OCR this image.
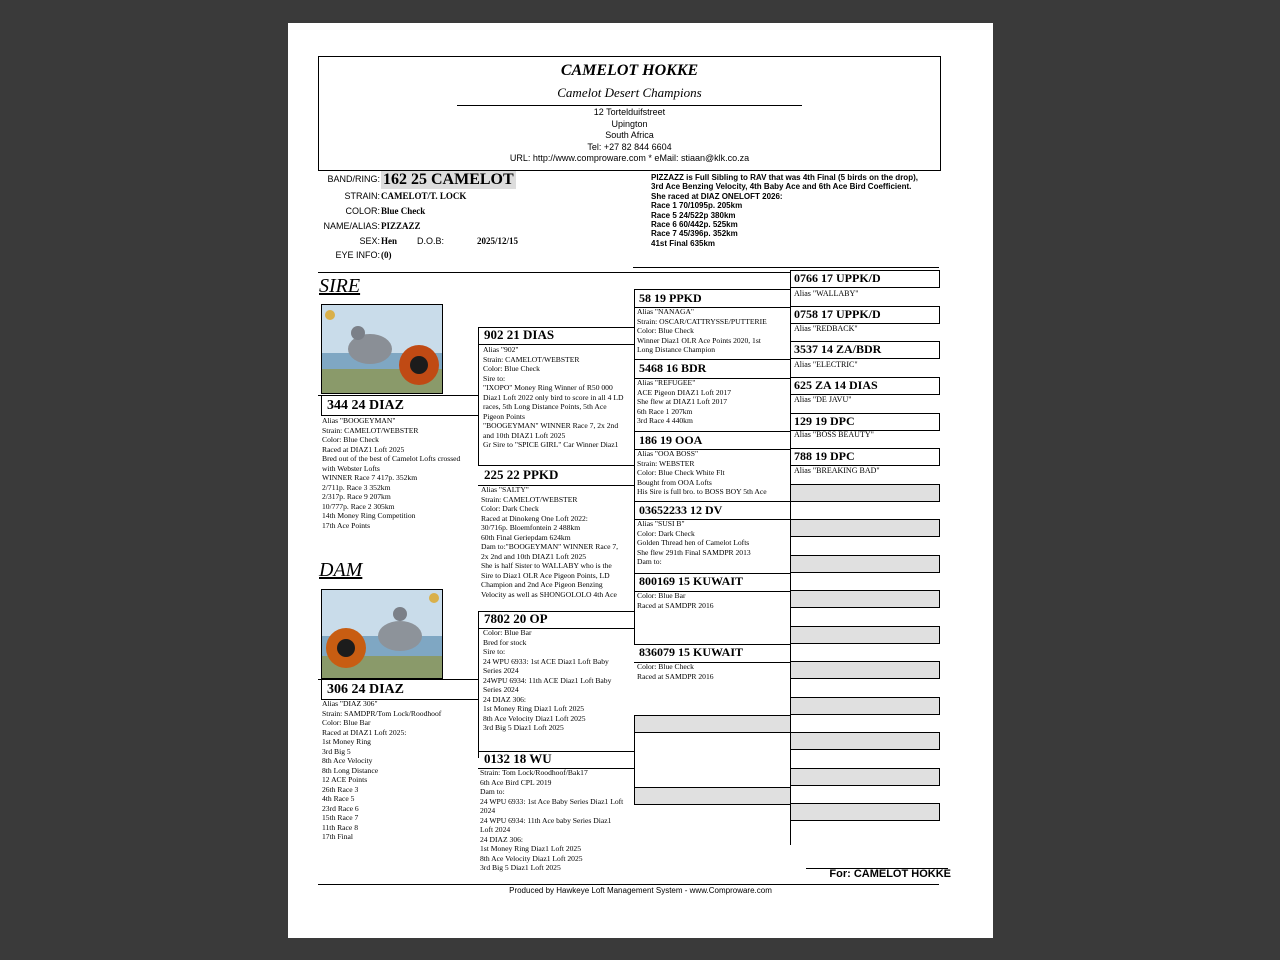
CAMELOT HOKKE
Camelot Desert Champions
12 Tortelduifstreet
Upington
South Africa
Tel: +27 82 844 6604
URL: http://www.comproware.com * eMail: stiaan@klk.co.za
BAND/RING: 162 25 CAMELOT
STRAIN: CAMELOT/T. LOCK
COLOR: Blue Check
NAME/ALIAS: PIZZAZZ
SEX: Hen	D.O.B:	2025/12/15
EYE INFO: (0)
PIZZAZZ is Full Sibling to RAV that was 4th Final (5 birds on the drop),
3rd Ace Benzing Velocity, 4th Baby Ace and 6th Ace Bird Coefficient.
She raced at DIAZ ONELOFT 2026:
Race 1 70/1095p. 205km
Race 5 24/522p 380km
Race 6 60/442p. 525km
Race 7 45/396p. 352km
41st Final 635km
SIRE
344 24 DIAZ
Alias "BOOGEYMAN"
Strain: CAMELOT/WEBSTER
Color: Blue Check
Raced at DIAZ1 Loft 2025
Bred out of the best of Camelot Lofts crossed
with Webster Lofts
WINNER Race 7 417p. 352km
2/711p. Race 3 352km
2/317p. Race 9 207km
10/777p. Race 2 305km
14th Money Ring Competition
17th Ace Points
DAM
306 24 DIAZ
Alias "DIAZ 306"
Strain: SAMDPR/Tom Lock/Roodhoof
Color: Blue Bar
Raced at DIAZ1 Loft 2025:
1st Money Ring
3rd Big 5
8th Ace Velocity
8th Long Distance
12 ACE Points
26th Race 3
4th Race 5
23rd Race 6
15th Race 7
11th Race 8
17th Final
902 21 DIAS
Alias "902"
Strain: CAMELOT/WEBSTER
Color: Blue Check
Sire to:
"IXOPO" Money Ring Winner of R50 000
Diaz1 Loft 2022 only bird to score in all 4 LD
races, 5th Long Distance Points, 5th Ace
Pigeon Points
"BOOGEYMAN" WINNER Race 7, 2x 2nd
and 10th DIAZ1 Loft 2025
Gr Sire to "SPICE GIRL" Car Winner Diaz1
225 22 PPKD
Alias "SALTY"
Strain: CAMELOT/WEBSTER
Color: Dark Check
Raced at Dinokeng One Loft 2022:
30/716p. Bloemfontein 2 488km
60th Final Geriepdam 624km
Dam to:"BOOGEYMAN" WINNER Race 7,
2x 2nd and 10th DIAZ1 Loft 2025
She is half Sister to WALLABY who is the
Sire to Diaz1 OLR Ace Pigeon Points, LD
Champion and 2nd Ace Pigeon Benzing
Velocity as well as SHONGOLOLO 4th Ace
7802 20 OP
Color: Blue Bar
Bred for stock
Sire to:
24 WPU 6933: 1st ACE Diaz1 Loft Baby
Series 2024
24WPU 6934: 11th ACE Diaz1 Loft Baby
Series 2024
24 DIAZ 306:
1st Money Ring Diaz1 Loft 2025
8th Ace Velocity Diaz1 Loft 2025
3rd Big 5 Diaz1 Loft 2025
0132 18 WU
Strain: Tom Lock/Roodhoof/Bak17
6th Ace Bird CPL 2019
Dam to:
24 WPU 6933: 1st Ace Baby Series Diaz1 Loft
2024
24 WPU 6934: 11th Ace baby Series Diaz1
Loft 2024
24 DIAZ 306:
1st Money Ring Diaz1 Loft 2025
8th Ace Velocity Diaz1 Loft 2025
3rd Big 5 Diaz1 Loft 2025
58 19 PPKD
Alias "NANAGA"
Strain: OSCAR/CATTRYSSE/PUTTERIE
Color: Blue Check
Winner Diaz1 OLR Ace Points 2020, 1st
Long Distance Champion
5468 16 BDR
Alias "REFUGEE"
ACE Pigeon DIAZ1 Loft 2017
She flew at DIAZ1 Loft 2017
6th Race 1 207km
3rd Race 4 440km
186 19 OOA
Alias "OOA BOSS"
Strain: WEBSTER
Color: Blue Check White Flt
Bought from OOA Lofts
His Sire is full bro. to BOSS BOY 5th Ace
03652233 12 DV
Alias "SUSI B"
Color: Dark Check
Golden Thread hen of Camelot Lofts
She flew 291th Final SAMDPR 2013
Dam to:
800169 15 KUWAIT
Color: Blue Bar
Raced at SAMDPR 2016
836079 15 KUWAIT
Color: Blue Check
Raced at SAMDPR 2016
0766 17 UPPK/D
Alias "WALLABY"
0758 17 UPPK/D
Alias "REDBACK"
3537 14 ZA/BDR
Alias "ELECTRIC"
625 ZA 14 DIAS
Alias "DE JAVU"
129 19 DPC
Alias "BOSS BEAUTY"
788 19 DPC
Alias "BREAKING BAD"
For: CAMELOT HOKKE
Produced by Hawkeye Loft Management System - www.Comproware.com
